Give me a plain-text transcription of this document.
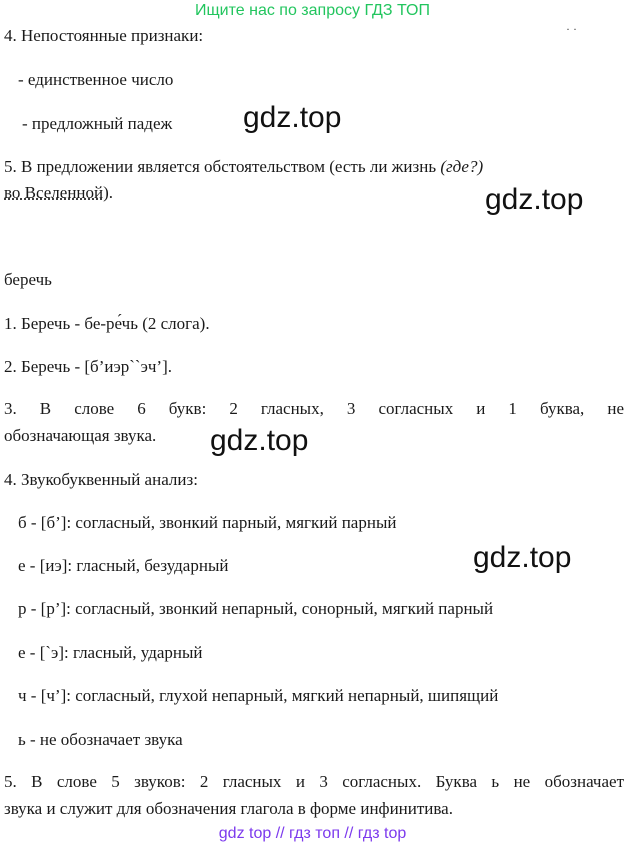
Ищите нас по запросу ГДЗ ТОП
· ·
4. Непостоянные признаки:
- единственное число
- предложный падеж gdz.top
5. В предложении является обстоятельством (есть ли жизнь (где?)
во Вселенной).	gdz.top
беречь
1. Беречь - бе-ре́чь (2 слога).
2. Беречь - [б’иэр``эч’].
3. В слове 6 букв: 2 гласных, 3 согласных и 1 буква, не
обозначающая звука. gdz.top
4. Звукобуквенный анализ:
б - [б’]: согласный, звонкий парный, мягкий парный
е - [иэ]: гласный, безударный	gdz.top
р - [р’]: согласный, звонкий непарный, сонорный, мягкий парный
е - [`э]: гласный, ударный
ч - [ч’]: согласный, глухой непарный, мягкий непарный, шипящий
ь - не обозначает звука
5. В слове 5 звуков: 2 гласных и 3 согласных. Буква ь не обозначает
звука и служит для обозначения глагола в форме инфинитива.
gdz top // гдз топ // гдз top
